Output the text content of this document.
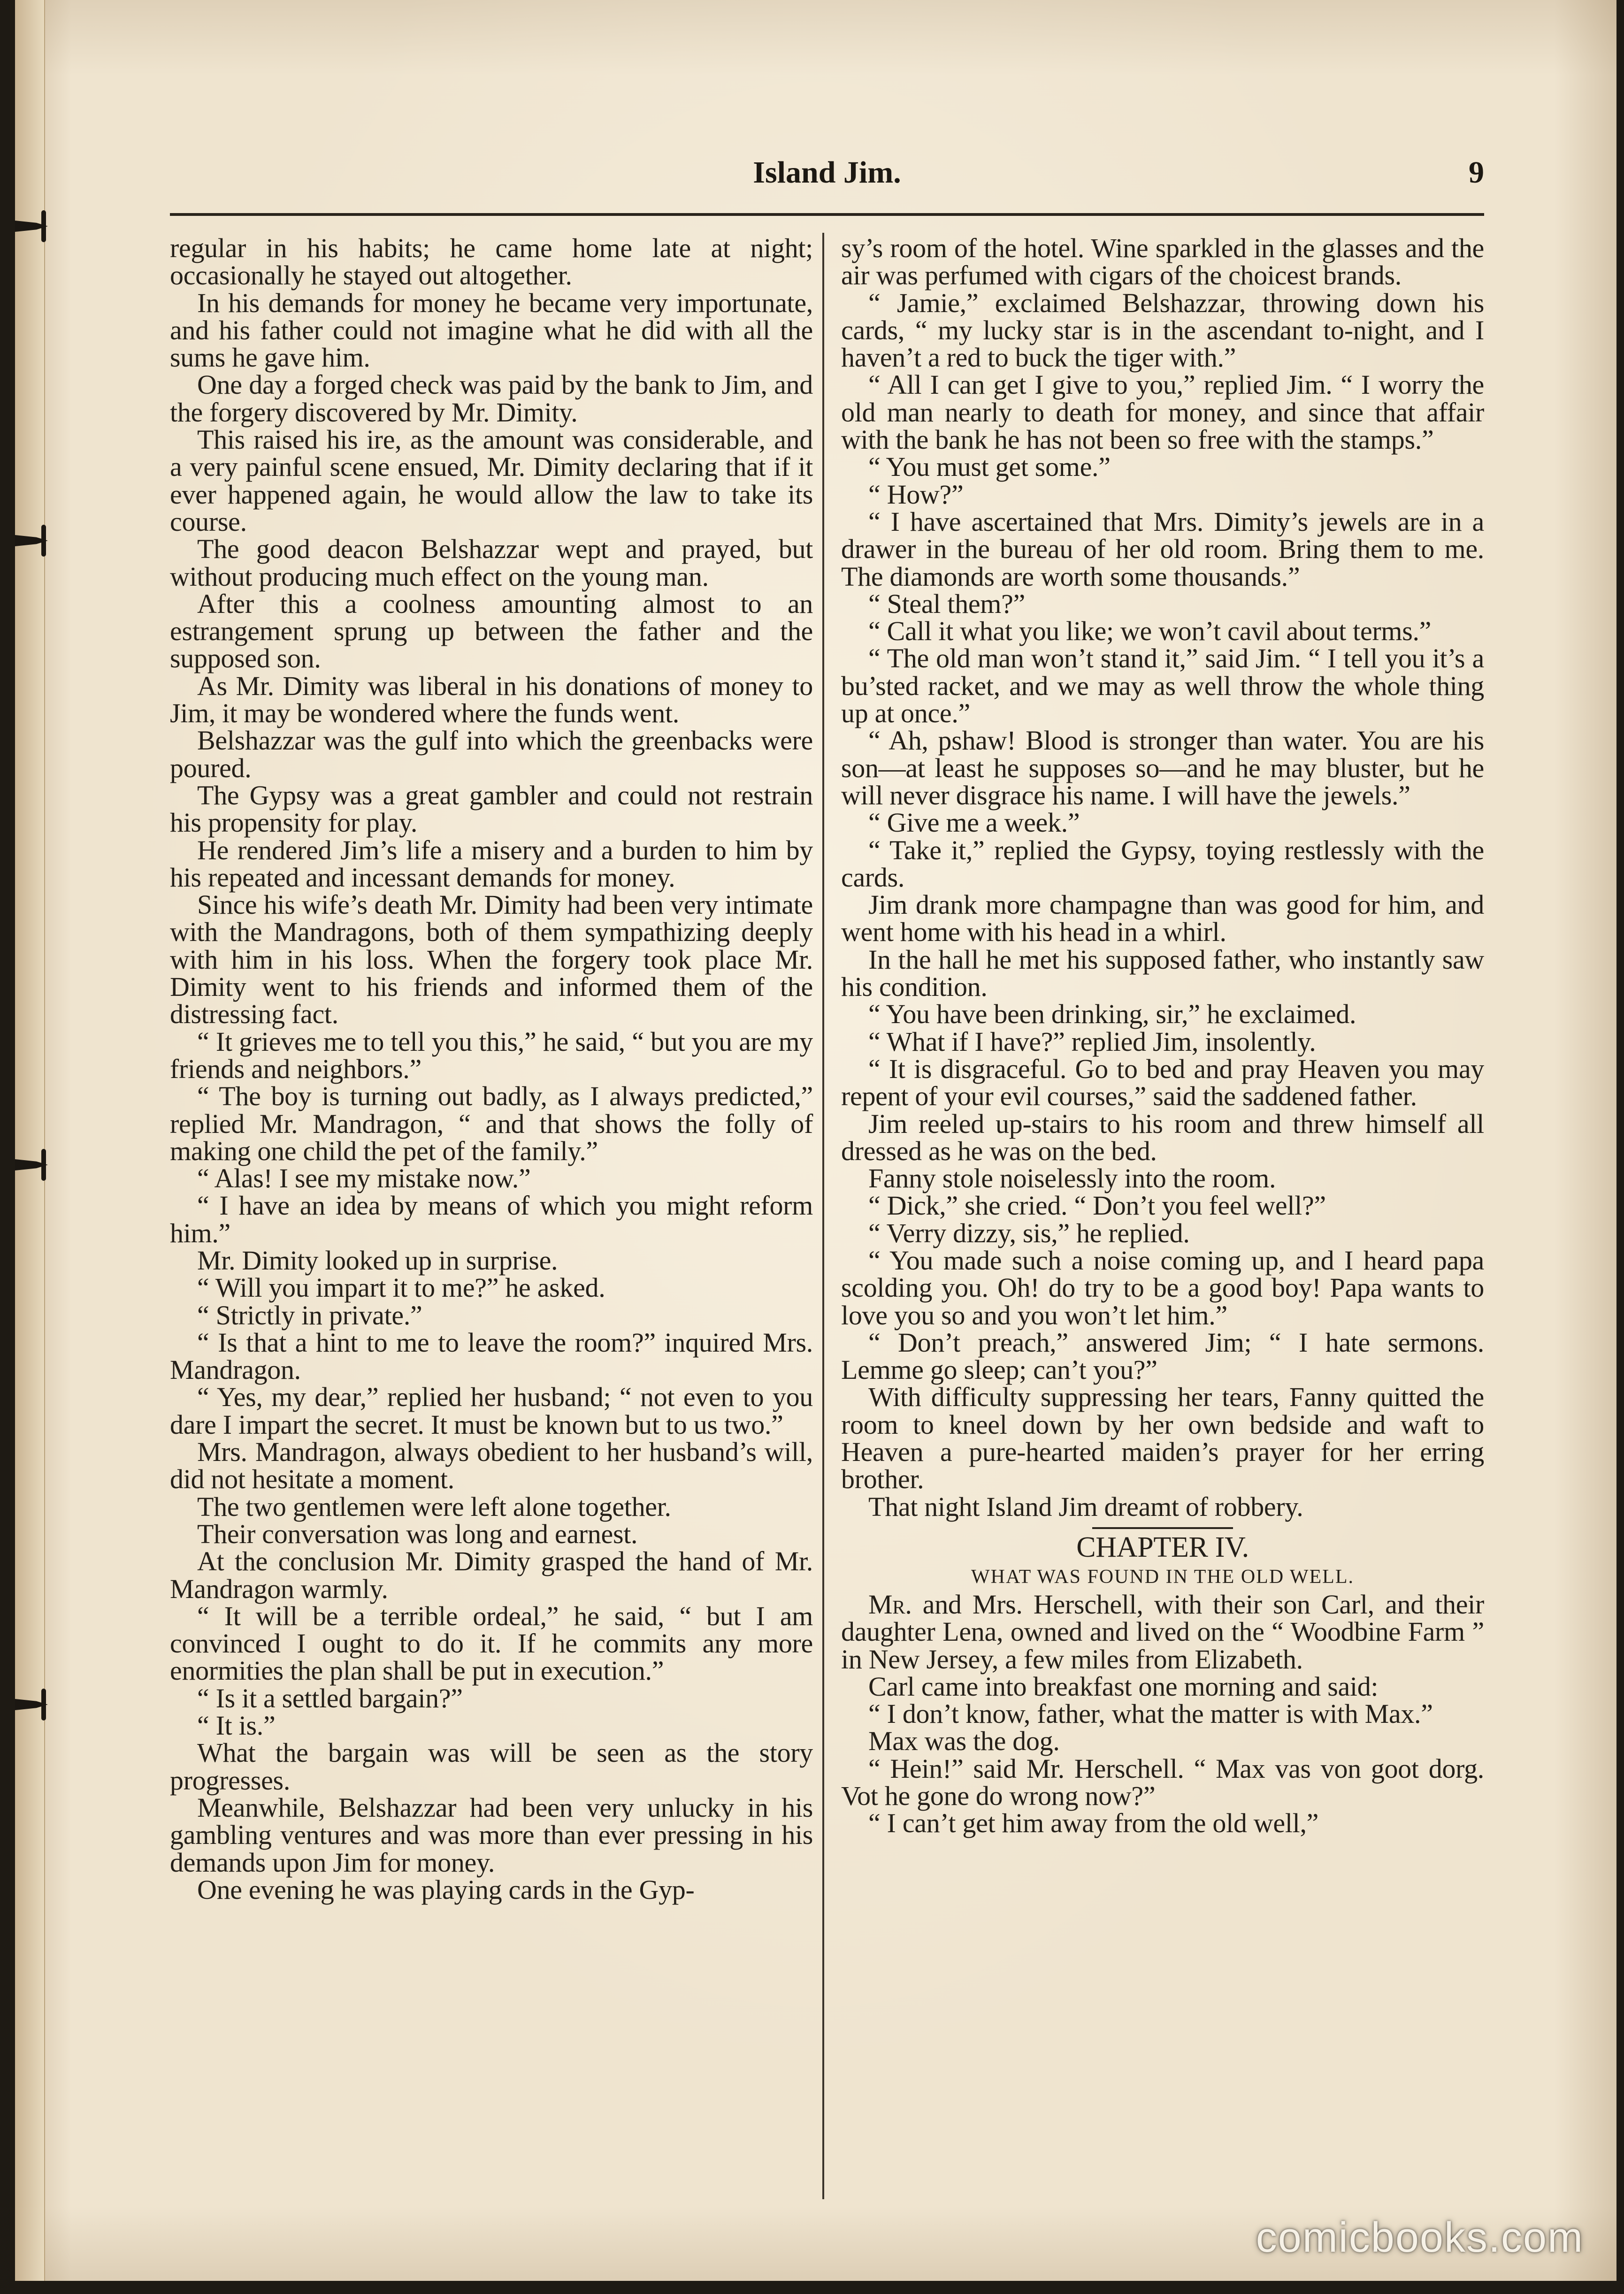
Island Jim.	9

regular in his habits; he came home late at night; occasionally he stayed out altogether.

In his demands for money he became very importunate, and his father could not imagine what he did with all the sums he gave him.

One day a forged check was paid by the bank to Jim, and the forgery discovered by Mr. Dimity.

This raised his ire, as the amount was considerable, and a very painful scene ensued, Mr. Dimity declaring that if it ever happened again, he would allow the law to take its course.

The good deacon Belshazzar wept and prayed, but without producing much effect on the young man.

After this a coolness amounting almost to an estrangement sprung up between the father and the supposed son.

As Mr. Dimity was liberal in his donations of money to Jim, it may be wondered where the funds went.

Belshazzar was the gulf into which the greenbacks were poured.

The Gypsy was a great gambler and could not restrain his propensity for play.

He rendered Jim’s life a misery and a burden to him by his repeated and incessant demands for money.

Since his wife’s death Mr. Dimity had been very intimate with the Mandragons, both of them sympathizing deeply with him in his loss. When the forgery took place Mr. Dimity went to his friends and informed them of the distressing fact.

“ It grieves me to tell you this,” he said, “ but you are my friends and neighbors.”

“ The boy is turning out badly, as I always predicted,” replied Mr. Mandragon, “ and that shows the folly of making one child the pet of the family.”

“ Alas! I see my mistake now.”

“ I have an idea by means of which you might reform him.”

Mr. Dimity looked up in surprise.

“ Will you impart it to me?” he asked.

“ Strictly in private.”

“ Is that a hint to me to leave the room?” inquired Mrs. Mandragon.

“ Yes, my dear,” replied her husband; “ not even to you dare I impart the secret. It must be known but to us two.”

Mrs. Mandragon, always obedient to her husband’s will, did not hesitate a moment.

The two gentlemen were left alone together.

Their conversation was long and earnest.

At the conclusion Mr. Dimity grasped the hand of Mr. Mandragon warmly.

“ It will be a terrible ordeal,” he said, “ but I am convinced I ought to do it. If he commits any more enormities the plan shall be put in execution.”

“ Is it a settled bargain?”

“ It is.”

What the bargain was will be seen as the story progresses.

Meanwhile, Belshazzar had been very unlucky in his gambling ventures and was more than ever pressing in his demands upon Jim for money.

One evening he was playing cards in the Gyp-

sy’s room of the hotel. Wine sparkled in the glasses and the air was perfumed with cigars of the choicest brands.

“ Jamie,” exclaimed Belshazzar, throwing down his cards, “ my lucky star is in the ascendant to-night, and I haven’t a red to buck the tiger with.”

“ All I can get I give to you,” replied Jim. “ I worry the old man nearly to death for money, and since that affair with the bank he has not been so free with the stamps.”

“ You must get some.”

“ How?”

“ I have ascertained that Mrs. Dimity’s jewels are in a drawer in the bureau of her old room. Bring them to me. The diamonds are worth some thousands.”

“ Steal them?”

“ Call it what you like; we won’t cavil about terms.”

“ The old man won’t stand it,” said Jim. “ I tell you it’s a bu’sted racket, and we may as well throw the whole thing up at once.”

“ Ah, pshaw! Blood is stronger than water. You are his son—at least he supposes so—and he may bluster, but he will never disgrace his name. I will have the jewels.”

“ Give me a week.”

“ Take it,” replied the Gypsy, toying restlessly with the cards.

Jim drank more champagne than was good for him, and went home with his head in a whirl.

In the hall he met his supposed father, who instantly saw his condition.

“ You have been drinking, sir,” he exclaimed.

“ What if I have?” replied Jim, insolently.

“ It is disgraceful. Go to bed and pray Heaven you may repent of your evil courses,” said the saddened father.

Jim reeled up-stairs to his room and threw himself all dressed as he was on the bed.

Fanny stole noiselessly into the room.

“ Dick,” she cried. “ Don’t you feel well?”

“ Verry dizzy, sis,” he replied.

“ You made such a noise coming up, and I heard papa scolding you. Oh! do try to be a good boy! Papa wants to love you so and you won’t let him.”

“ Don’t preach,” answered Jim; “ I hate sermons. Lemme go sleep; can’t you?”

With difficulty suppressing her tears, Fanny quitted the room to kneel down by her own bedside and waft to Heaven a pure-hearted maiden’s prayer for her erring brother.

That night Island Jim dreamt of robbery.

CHAPTER IV.

WHAT WAS FOUND IN THE OLD WELL.

Mr. and Mrs. Herschell, with their son Carl, and their daughter Lena, owned and lived on the “ Woodbine Farm ” in New Jersey, a few miles from Elizabeth.

Carl came into breakfast one morning and said:

“ I don’t know, father, what the matter is with Max.”

Max was the dog.

“ Hein!” said Mr. Herschell. “ Max vas von goot dorg. Vot he gone do wrong now?”

“ I can’t get him away from the old well,”

comicbooks.com
